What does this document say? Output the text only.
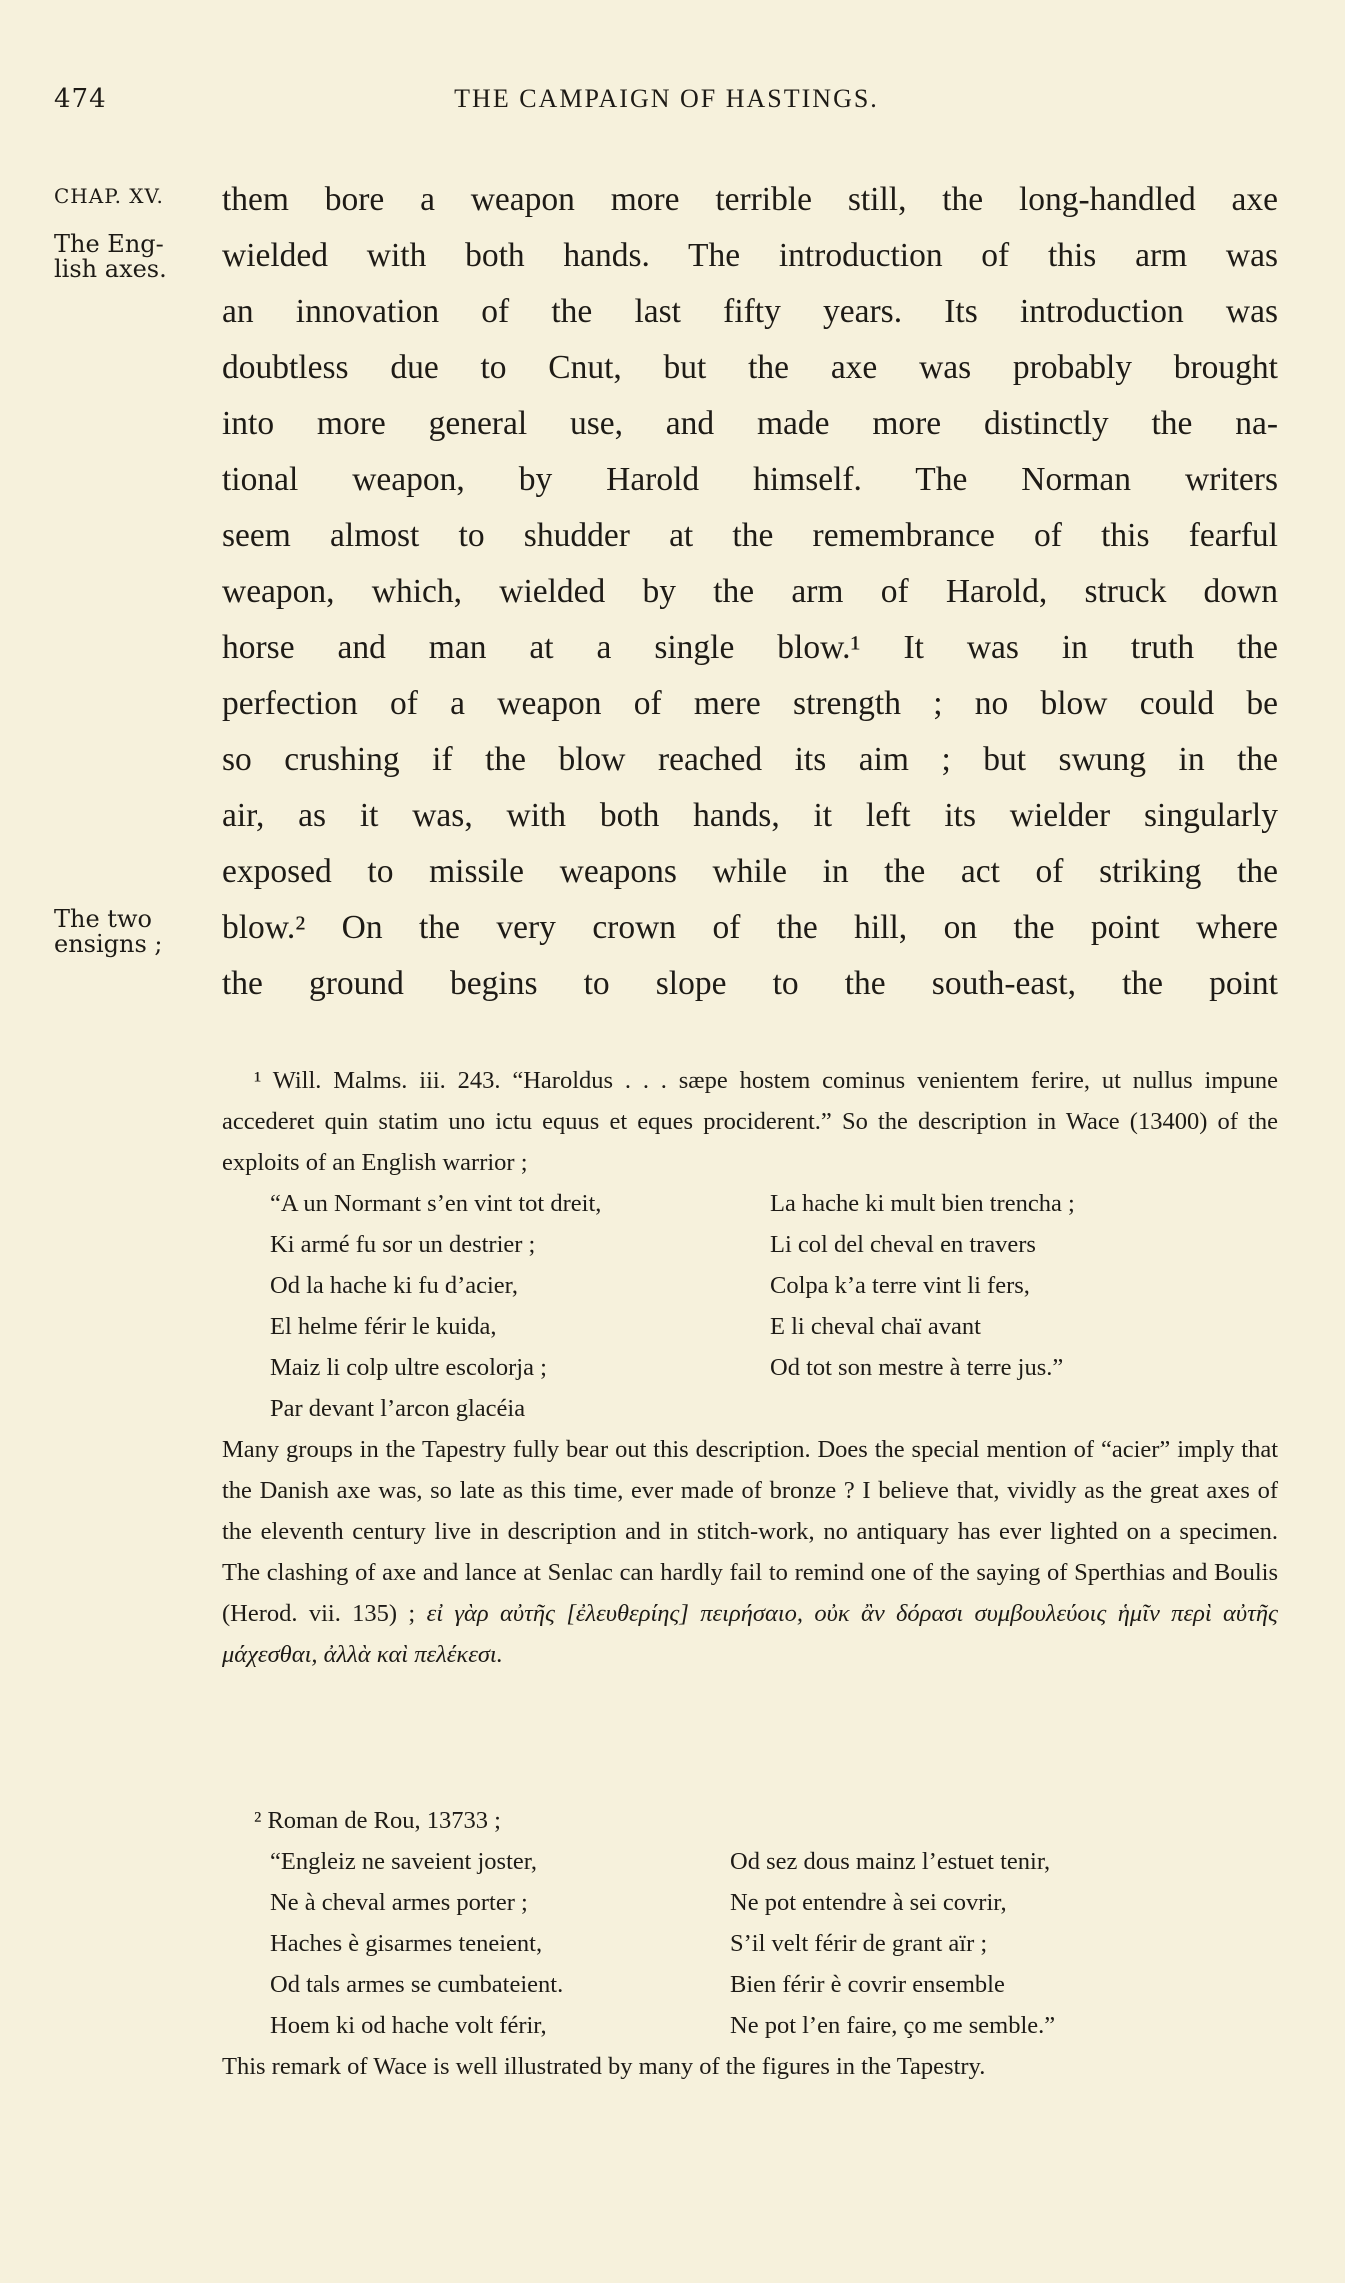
474	THE CAMPAIGN OF HASTINGS.
CHAP. XV.
The Eng-
lish axes.
The two
ensigns ;
them bore a weapon more terrible still, the long-handled axe
wielded with both hands. The introduction of this arm was
an innovation of the last fifty years. Its introduction was
doubtless due to Cnut, but the axe was probably brought
into more general use, and made more distinctly the na-
tional weapon, by Harold himself. The Norman writers
seem almost to shudder at the remembrance of this fearful
weapon, which, wielded by the arm of Harold, struck down
horse and man at a single blow.¹ It was in truth the
perfection of a weapon of mere strength ; no blow could be
so crushing if the blow reached its aim ; but swung in the
air, as it was, with both hands, it left its wielder singularly
exposed to missile weapons while in the act of striking the
blow.² On the very crown of the hill, on the point where
the ground begins to slope to the south-east, the point

¹ Will. Malms. iii. 243. “Haroldus . . . sæpe hostem cominus venientem ferire, ut nullus impune accederet quin statim uno ictu equus et eques prociderent.” So the description in Wace (13400) of the exploits of an English warrior ;

“A un Normant s’en vint tot dreit,	La hache ki mult bien trencha ;
Ki armé fu sor un destrier ;	Li col del cheval en travers
Od la hache ki fu d’acier,	Colpa k’a terre vint li fers,
El helme férir le kuida,	E li cheval chaï avant
Maiz li colp ultre escolorja ;	Od tot son mestre à terre jus.”
Par devant l’arcon glacéia

Many groups in the Tapestry fully bear out this description. Does the special mention of “acier” imply that the Danish axe was, so late as this time, ever made of bronze ? I believe that, vividly as the great axes of the eleventh century live in description and in stitch-work, no antiquary has ever lighted on a specimen. The clashing of axe and lance at Senlac can hardly fail to remind one of the saying of Sperthias and Boulis (Herod. vii. 135) ; εἰ γὰρ αὐτῆς [ἐλευθερίης] πειρήσαιο, οὐκ ἂν δόρασι συμβουλεύοις ἡμῖν περὶ αὐτῆς μάχεσθαι, ἀλλὰ καὶ πελέκεσι.

² Roman de Rou, 13733 ;

“Engleiz ne saveient joster,	Od sez dous mainz l’estuet tenir,
Ne à cheval armes porter ;	Ne pot entendre à sei covrir,
Haches è gisarmes teneient,	S’il velt férir de grant aïr ;
Od tals armes se cumbateient.	Bien férir è covrir ensemble
Hoem ki od hache volt férir,	Ne pot l’en faire, ço me semble.”

This remark of Wace is well illustrated by many of the figures in the Tapestry.
